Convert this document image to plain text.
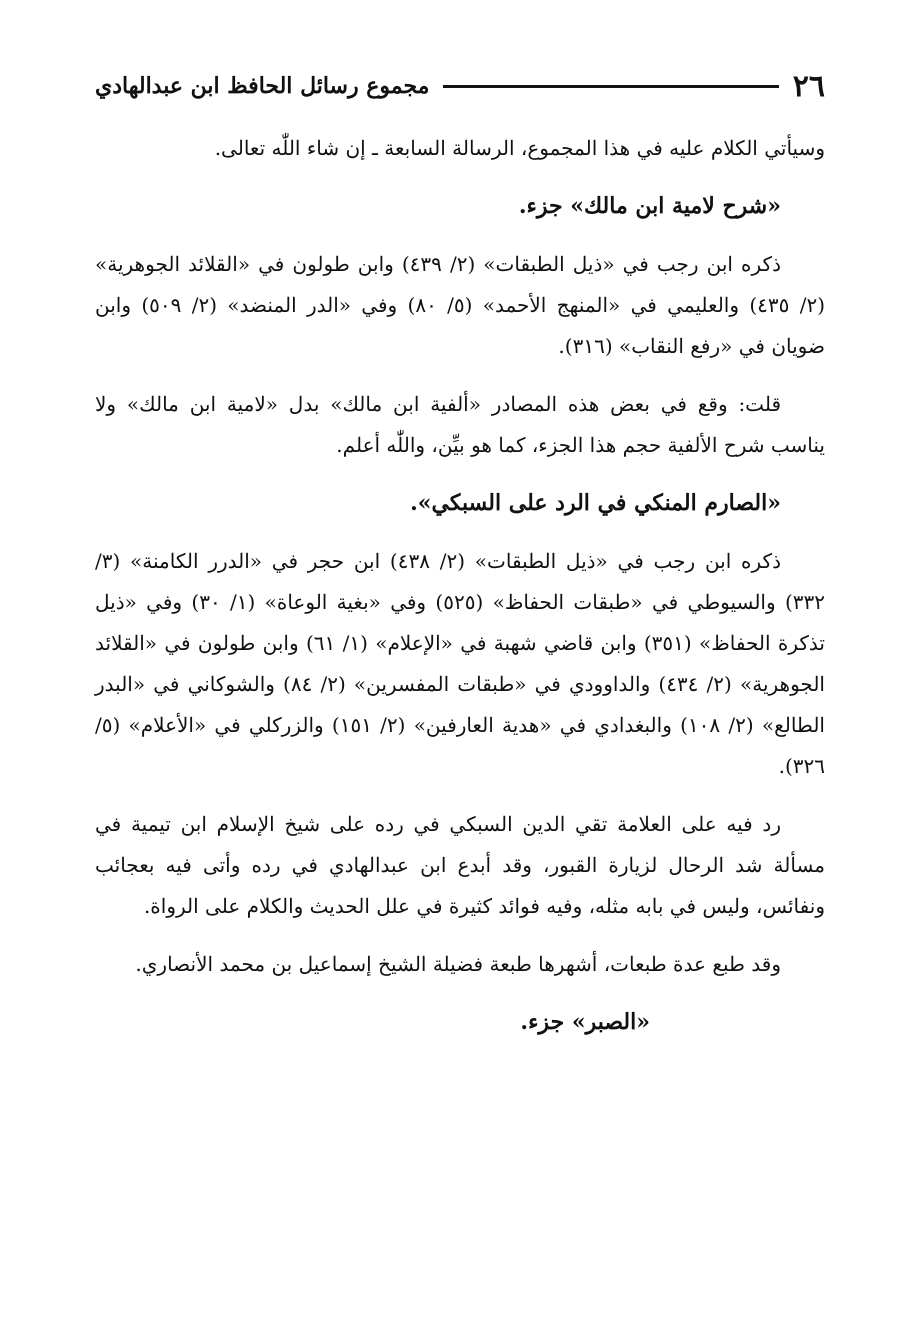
٢٦
مجموع رسائل الحافظ ابن عبدالهادي

وسيأتي الكلام عليه في هذا المجموع، الرسالة السابعة ـ إن شاء اللّٰه تعالى.

«شرح لامية ابن مالك» جزء.

ذكره ابن رجب في «ذيل الطبقات» (٢/ ٤٣٩) وابن طولون في «القلائد الجوهرية» (٢/ ٤٣٥) والعليمي في «المنهج الأحمد» (٥/ ٨٠) وفي «الدر المنضد» (٢/ ٥٠٩) وابن ضويان في «رفع النقاب» (٣١٦).

قلت: وقع في بعض هذه المصادر «ألفية ابن مالك» بدل «لامية ابن مالك» ولا يناسب شرح الألفية حجم هذا الجزء، كما هو بيِّن، واللّٰه أعلم.

«الصارم المنكي في الرد على السبكي».

ذكره ابن رجب في «ذيل الطبقات» (٢/ ٤٣٨) ابن حجر في «الدرر الكامنة» (٣/ ٣٣٢) والسيوطي في «طبقات الحفاظ» (٥٢٥) وفي «بغية الوعاة» (١/ ٣٠) وفي «ذيل تذكرة الحفاظ» (٣٥١) وابن قاضي شهبة في «الإعلام» (١/ ٦١) وابن طولون في «القلائد الجوهرية» (٢/ ٤٣٤) والداوودي في «طبقات المفسرين» (٢/ ٨٤) والشوكاني في «البدر الطالع» (٢/ ١٠٨) والبغدادي في «هدية العارفين» (٢/ ١٥١) والزركلي في «الأعلام» (٥/ ٣٢٦).

رد فيه على العلامة تقي الدين السبكي في رده على شيخ الإسلام ابن تيمية في مسألة شد الرحال لزيارة القبور، وقد أبدع ابن عبدالهادي في رده وأتى فيه بعجائب ونفائس، وليس في بابه مثله، وفيه فوائد كثيرة في علل الحديث والكلام على الرواة.

وقد طبع عدة طبعات، أشهرها طبعة فضيلة الشيخ إسماعيل بن محمد الأنصاري.

«الصبر» جزء.
